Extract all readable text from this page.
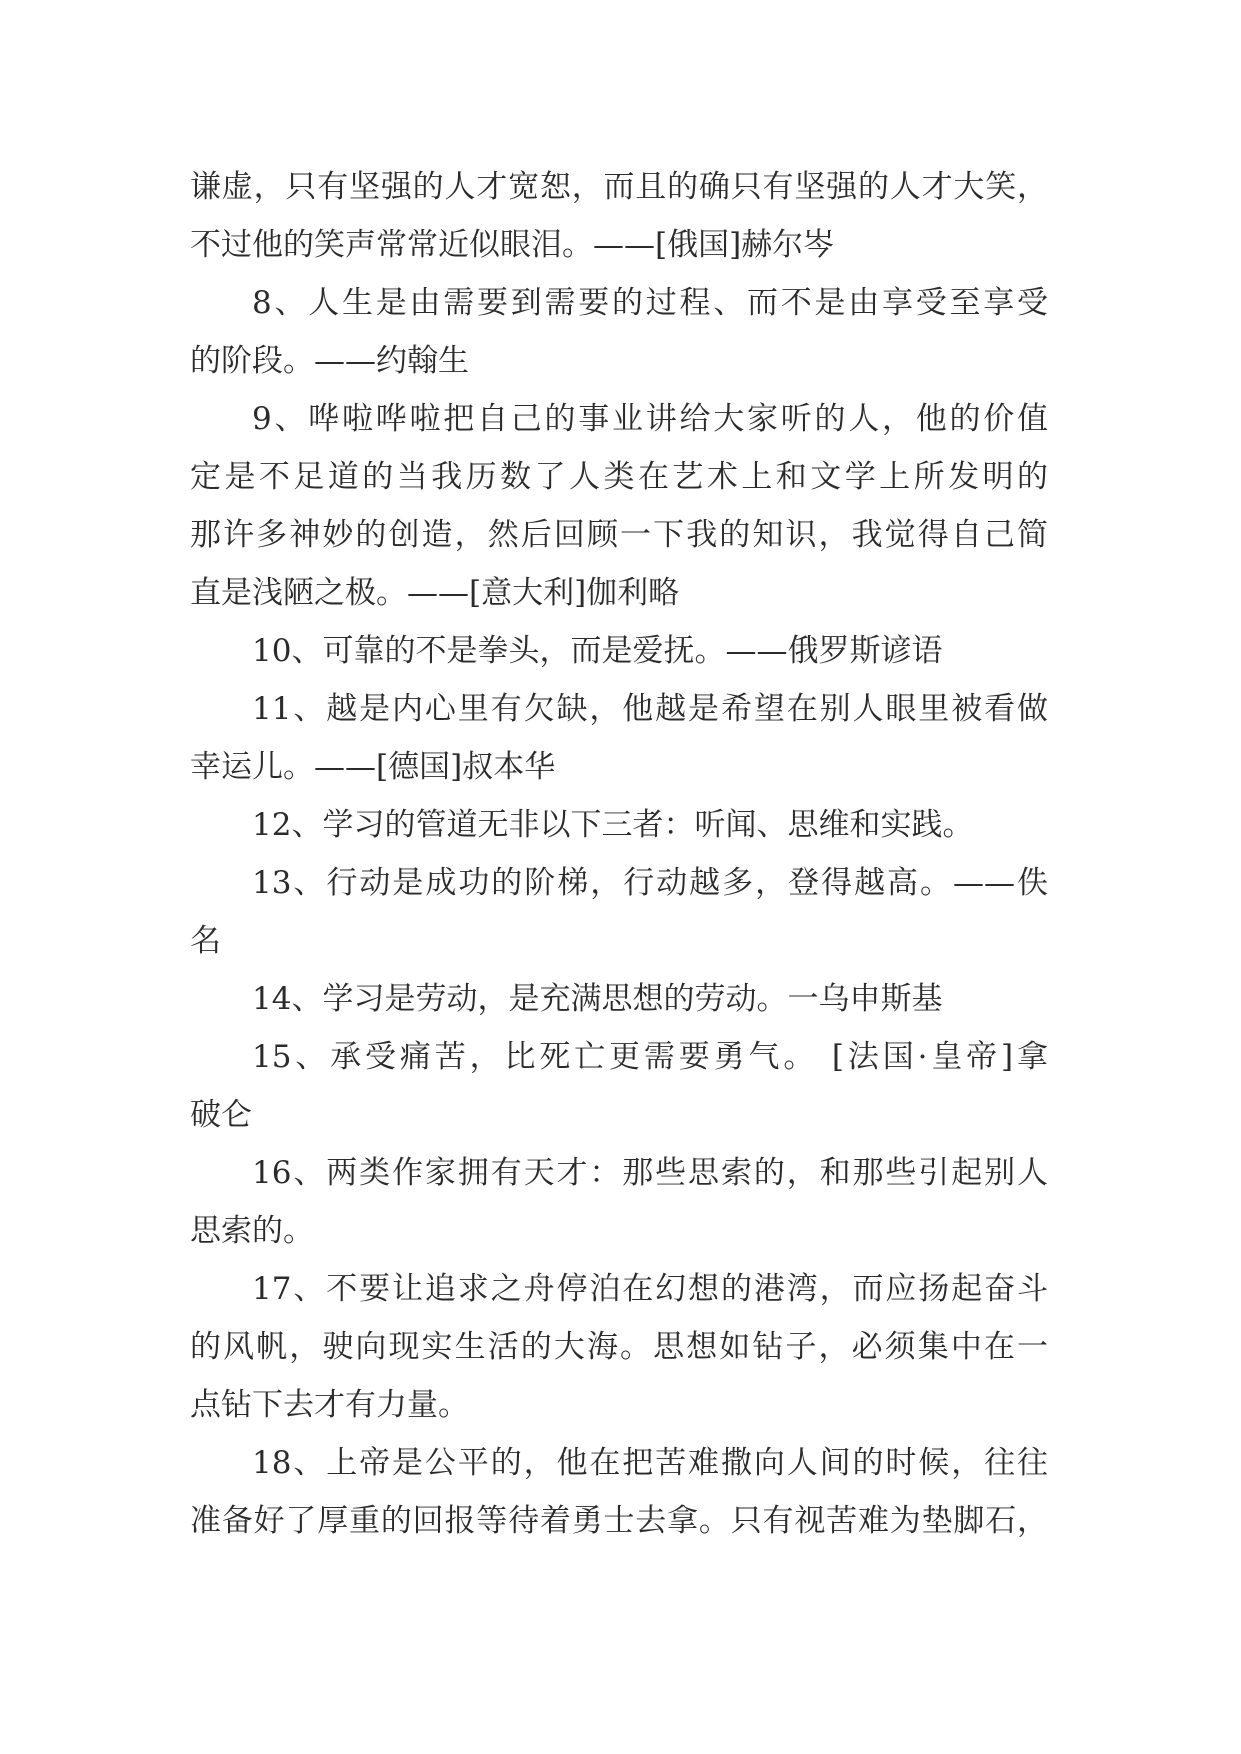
谦虚，只有坚强的人才宽恕，而且的确只有坚强的人才大笑，
不过他的笑声常常近似眼泪。——[俄国]赫尔岑
8、人生是由需要到需要的过程、而不是由享受至享受
的阶段。——约翰生
9、哗啦哗啦把自己的事业讲给大家听的人，他的价值
定是不足道的当我历数了人类在艺术上和文学上所发明的
那许多神妙的创造，然后回顾一下我的知识，我觉得自己简
直是浅陋之极。——[意大利]伽利略
10、可靠的不是拳头，而是爱抚。——俄罗斯谚语
11、越是内心里有欠缺，他越是希望在别人眼里被看做
幸运儿。——[德国]叔本华
12、学习的管道无非以下三者：听闻、思维和实践。
13、行动是成功的阶梯，行动越多，登得越高。——佚
名
14、学习是劳动，是充满思想的劳动。一乌申斯基
15、承受痛苦，比死亡更需要勇气。 [法国·皇帝]拿
破仑
16、两类作家拥有天才：那些思索的，和那些引起别人
思索的。
17、不要让追求之舟停泊在幻想的港湾，而应扬起奋斗
的风帆，驶向现实生活的大海。思想如钻子，必须集中在一
点钻下去才有力量。
18、上帝是公平的，他在把苦难撒向人间的时候，往往
准备好了厚重的回报等待着勇士去拿。只有视苦难为垫脚石，
